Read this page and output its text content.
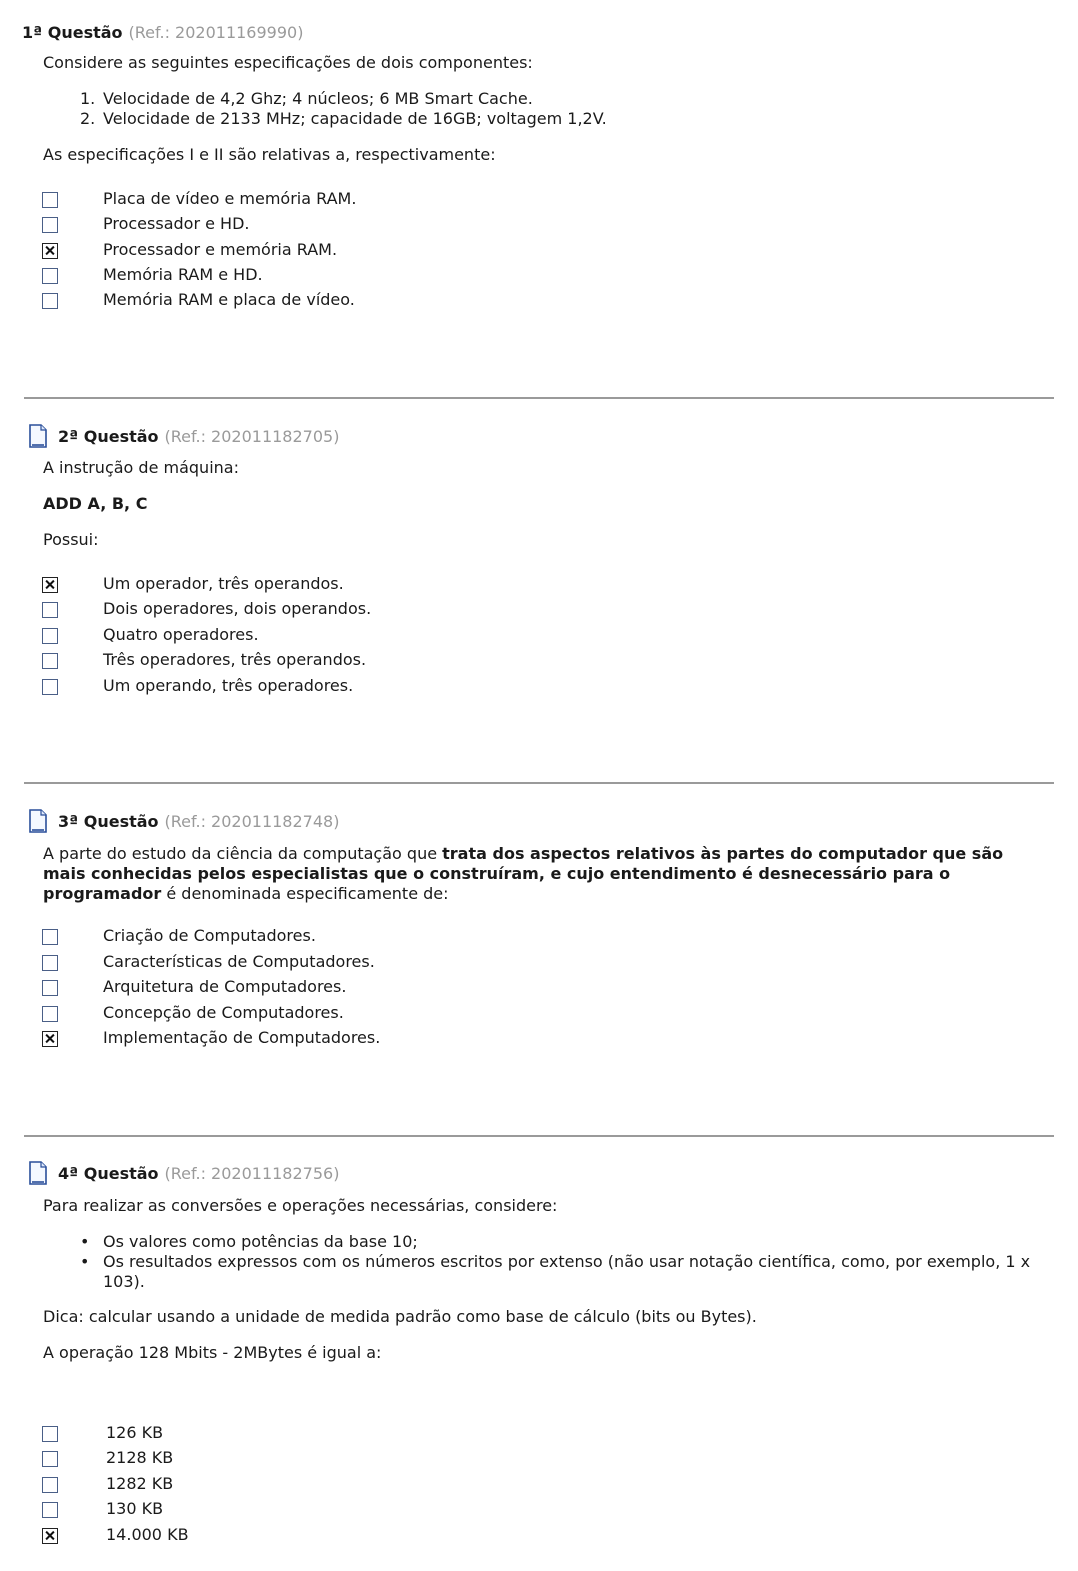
1ª Questão (Ref.: 202011169990)
Considere as seguintes especificações de dois componentes:
1. Velocidade de 4,2 Ghz; 4 núcleos; 6 MB Smart Cache.
2. Velocidade de 2133 MHz; capacidade de 16GB; voltagem 1,2V.
As especificações I e II são relativas a, respectivamente:
Placa de vídeo e memória RAM.
Processador e HD.
Processador e memória RAM.
Memória RAM e HD.
Memória RAM e placa de vídeo.
2ª Questão (Ref.: 202011182705)
A instrução de máquina:
ADD A, B, C
Possui:
Um operador, três operandos.
Dois operadores, dois operandos.
Quatro operadores.
Três operadores, três operandos.
Um operando, três operadores.
3ª Questão (Ref.: 202011182748)
A parte do estudo da ciência da computação que trata dos aspectos relativos às partes do computador que são mais conhecidas pelos especialistas que o construíram, e cujo entendimento é desnecessário para o programador é denominada especificamente de:
Criação de Computadores.
Características de Computadores.
Arquitetura de Computadores.
Concepção de Computadores.
Implementação de Computadores.
4ª Questão (Ref.: 202011182756)
Para realizar as conversões e operações necessárias, considere:
• Os valores como potências da base 10;
• Os resultados expressos com os números escritos por extenso (não usar notação científica, como, por exemplo, 1 x 103).
Dica: calcular usando a unidade de medida padrão como base de cálculo (bits ou Bytes).
A operação 128 Mbits - 2MBytes é igual a:
126 KB
2128 KB
1282 KB
130 KB
14.000 KB
